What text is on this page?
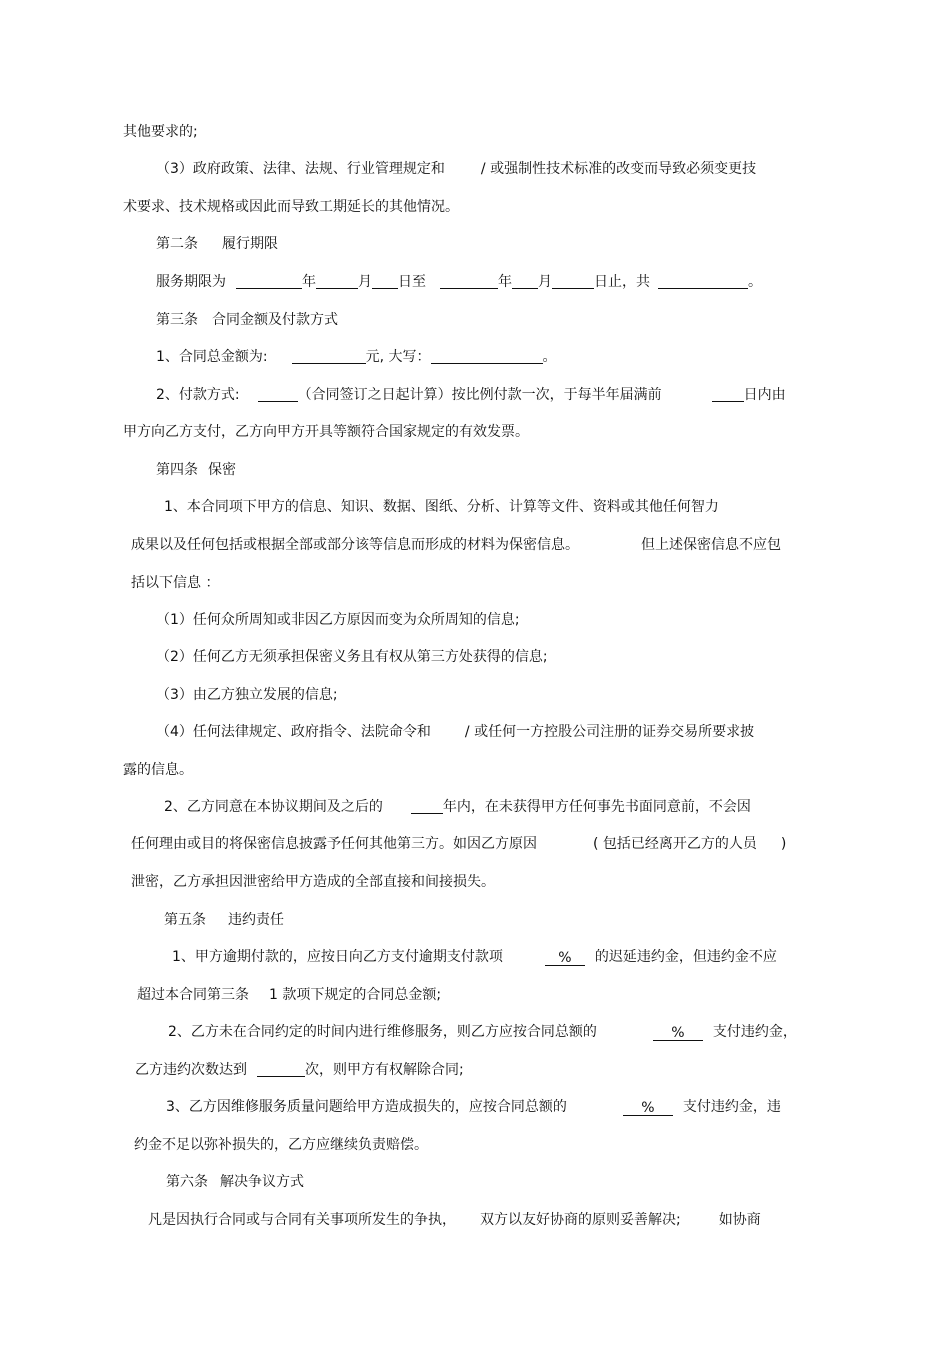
其他要求的;
（3）政府政策、法律、法规、行业管理规定和	/ 或强制性技术标准的改变而导致必须变更技
术要求、技术规格或因此而导致工期延长的其他情况。
第二条 履行期限
服务期限为	年	月 日至	年 月	日止，共	。
第三条 合同金额及付款方式
1、合同总金额为:	元, 大写：	。
2、付款方式:	（合同签订之日起计算）按比例付款一次，于每半年届满前	日内由
甲方向乙方支付，乙方向甲方开具等额符合国家规定的有效发票。
第四条 保密
1、本合同项下甲方的信息、知识、数据、图纸、分析、计算等文件、资料或其他任何智力
成果以及任何包括或根据全部或部分该等信息而形成的材料为保密信息。	但上述保密信息不应包
括以下信息 ：
（1）任何众所周知或非因乙方原因而变为众所周知的信息;
（2）任何乙方无须承担保密义务且有权从第三方处获得的信息;
（3）由乙方独立发展的信息;
（4）任何法律规定、政府指令、法院命令和 / 或任何一方控股公司注册的证券交易所要求披
露的信息。
2、乙方同意在本协议期间及之后的	年内，在未获得甲方任何事先书面同意前，不会因
任何理由或目的将保密信息披露予任何其他第三方。如因乙方原因	( 包括已经离开乙方的人员 )
泄密，乙方承担因泄密给甲方造成的全部直接和间接损失。
第五条 违约责任
1、甲方逾期付款的，应按日向乙方支付逾期支付款项	% 的迟延违约金，但违约金不应
超过本合同第三条 1 款项下规定的合同总金额;
2、乙方未在合同约定的时间内进行维修服务，则乙方应按合同总额的	% 支付违约金，
乙方违约次数达到	次，则甲方有权解除合同;
3、乙方因维修服务质量问题给甲方造成损失的，应按合同总额的	% 支付违约金，违
约金不足以弥补损失的，乙方应继续负责赔偿。
第六条 解决争议方式
凡是因执行合同或与合同有关事项所发生的争执， 双方以友好协商的原则妥善解决;	如协商
